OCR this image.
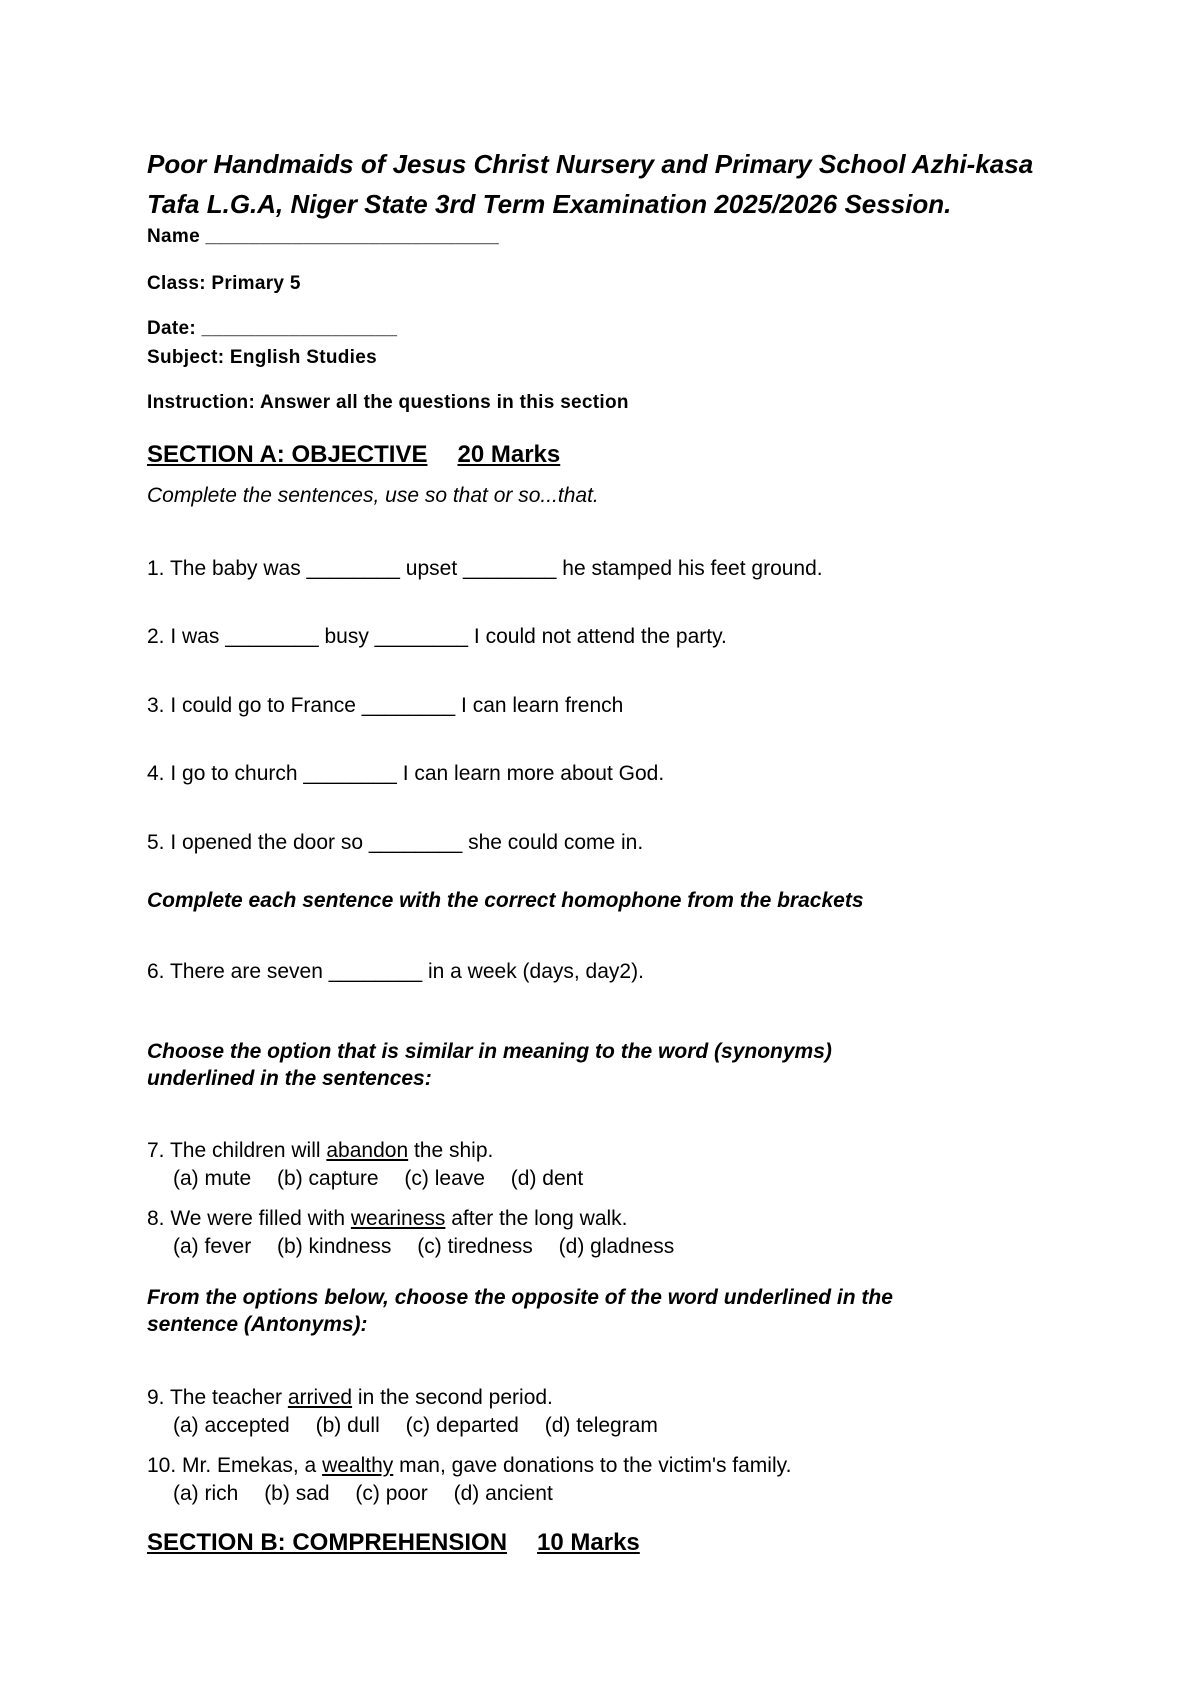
Poor Handmaids of Jesus Christ Nursery and Primary School Azhi-kasa
Tafa L.G.A, Niger State 3rd Term Examination 2025/2026 Session.
Name ___________________________
Class: Primary 5
Date: __________________
Subject: English Studies
Instruction: Answer all the questions in this section
SECTION A: OBJECTIVE 20 Marks
Complete the sentences, use so that or so...that.
1. The baby was ________ upset ________ he stamped his feet ground.
2. I was ________ busy ________ I could not attend the party.
3. I could go to France ________ I can learn french
4. I go to church ________ I can learn more about God.
5. I opened the door so ________ she could come in.
Complete each sentence with the correct homophone from the brackets
6. There are seven ________ in a week (days, day2).
Choose the option that is similar in meaning to the word (synonyms)
underlined in the sentences:
7. The children will abandon the ship.
(a) mute (b) capture (c) leave (d) dent
8. We were filled with weariness after the long walk.
(a) fever (b) kindness (c) tiredness (d) gladness
From the options below, choose the opposite of the word underlined in the
sentence (Antonyms):
9. The teacher arrived in the second period.
(a) accepted (b) dull (c) departed (d) telegram
10. Mr. Emekas, a wealthy man, gave donations to the victim's family.
(a) rich (b) sad (c) poor (d) ancient
SECTION B: COMPREHENSION 10 Marks
